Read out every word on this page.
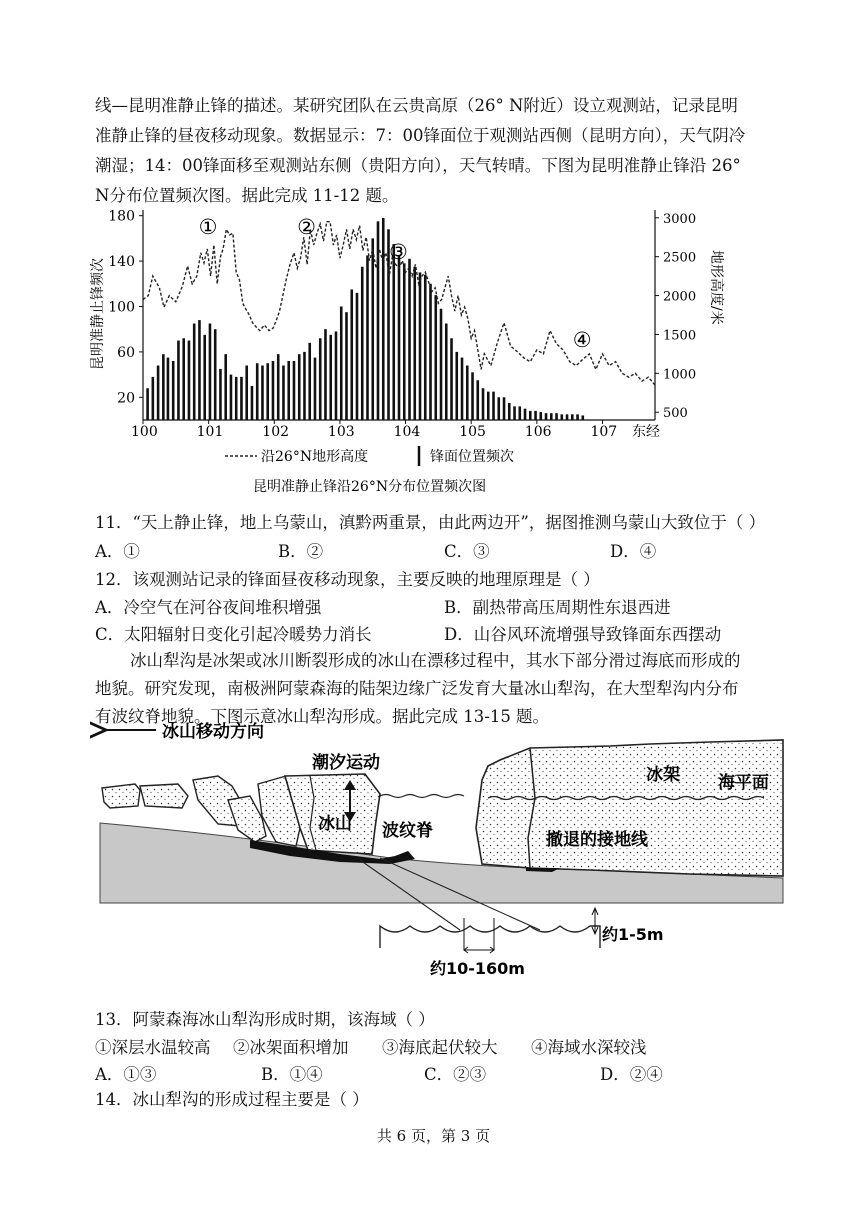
线—昆明准静止锋的描述。某研究团队在云贵高原（26° N附近）设立观测站，记录昆明
准静止锋的昼夜移动现象。数据显示：7：00锋面位于观测站西侧（昆明方向），天气阴冷
潮湿；14：00锋面移至观测站东侧（贵阳方向），天气转晴。下图为昆明准静止锋沿 26°
N分布位置频次图。据此完成 11-12 题。
100	101	102	103	104	105	106	107
20
60
100
140
180
500
1000
1500
2000
2500
3000
①	②
③
④
东经
昆明准静止锋频次	地形高度/米
沿26°N地形高度	锋面位置频次
昆明准静止锋沿26°N分布位置频次图
11．“天上静止锋，地上乌蒙山，滇黔两重景，由此两边开”，据图推测乌蒙山大致位于（ ）
A．①	B．②	C．③	D．④
12．该观测站记录的锋面昼夜移动现象，主要反映的地理原理是（ ）
A．冷空气在河谷夜间堆积增强	B．副热带高压周期性东退西进
C．太阳辐射日变化引起冷暖势力消长	D．山谷风环流增强导致锋面东西摆动
冰山犁沟是冰架或冰川断裂形成的冰山在漂移过程中，其水下部分滑过海底而形成的
地貌。研究发现，南极洲阿蒙森海的陆架边缘广泛发育大量冰山犁沟，在大型犁沟内分布
有波纹脊地貌。下图示意冰山犁沟形成。据此完成 13-15 题。
冰山移动方向
潮汐运动
冰山 波纹脊
冰架 海平面
撤退的接地线
约1-5m
约10-160m
13．阿蒙森海冰山犁沟形成时期，该海域（ ）
①深层水温较高	②冰架面积增加	③海底起伏较大	④海域水深较浅
A．①③	B．①④	C．②③	D．②④
14．冰山犁沟的形成过程主要是（ ）
共 6 页，第 3 页
